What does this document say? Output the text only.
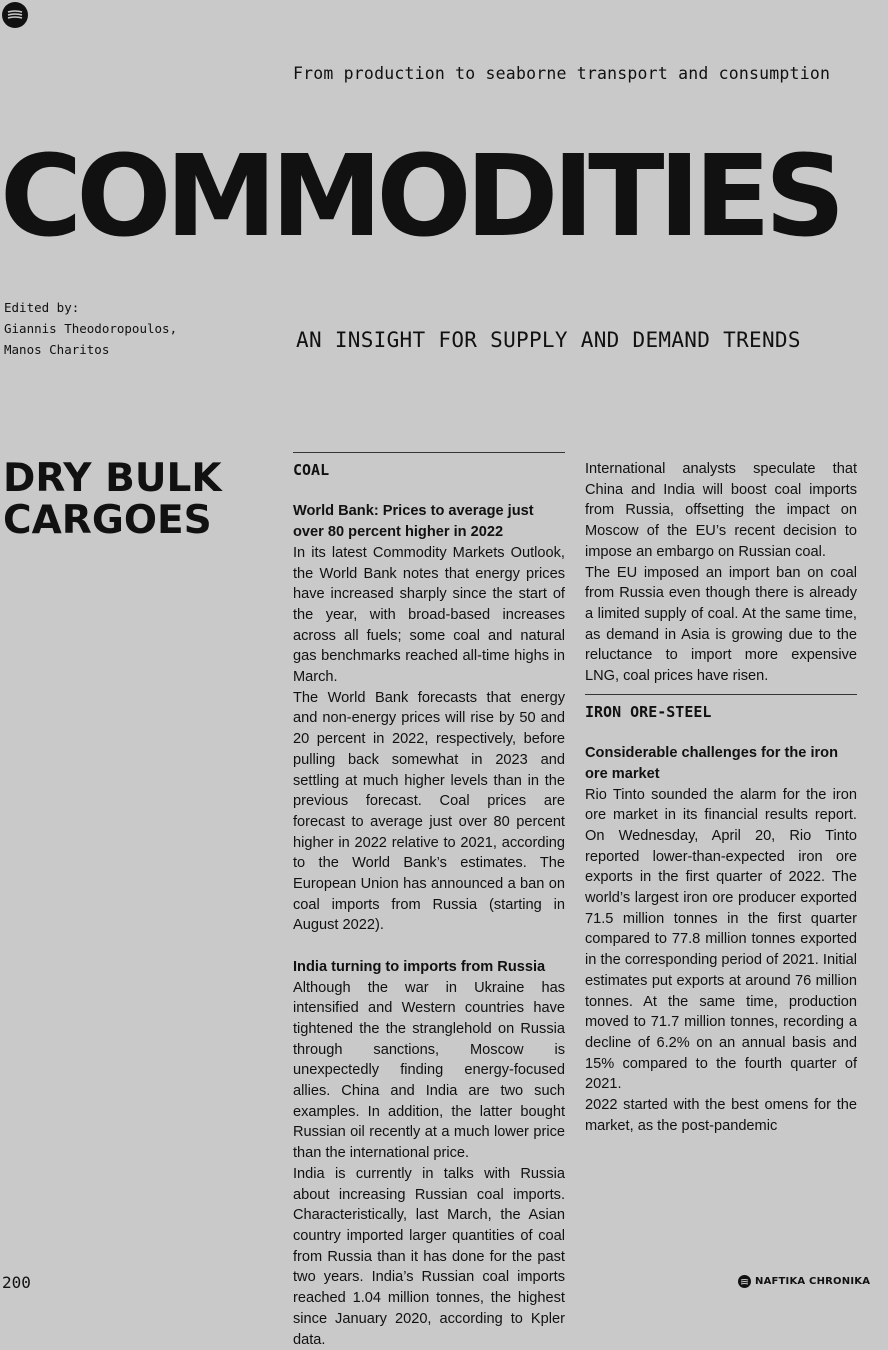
From production to seaborne transport and consumption
COMMODITIES
Edited by:
Giannis Theodoropoulos,
Manos Charitos	AN INSIGHT FOR SUPPLY AND DEMAND TRENDS
DRY BULK
CARGOES
COAL
World Bank: Prices to average just over 80 percent higher in 2022
In its latest Commodity Markets Outlook, the World Bank notes that energy prices have increased sharply since the start of the year, with broad-based increases across all fuels; some coal and natural gas benchmarks reached all-time highs in March.
The World Bank forecasts that energy and non-energy prices will rise by 50 and 20 percent in 2022, respectively, before pulling back somewhat in 2023 and settling at much higher levels than in the previous forecast. Coal prices are forecast to average just over 80 percent higher in 2022 relative to 2021, according to the World Bank’s estimates. The European Union has announced a ban on coal imports from Russia (starting in August 2022).
India turning to imports from Russia
Although the war in Ukraine has intensified and Western countries have tightened the the stranglehold on Russia through sanctions, Moscow is unexpectedly finding energy-focused allies. China and India are two such examples. In addition, the latter bought Russian oil recently at a much lower price than the international price.
India is currently in talks with Russia about increasing Russian coal imports. Characteristically, last March, the Asian country imported larger quantities of coal from Russia than it has done for the past two years. India’s Russian coal imports reached 1.04 million tonnes, the highest since January 2020, according to Kpler data.
International analysts speculate that China and India will boost coal imports from Russia, offsetting the impact on Moscow of the EU’s recent decision to impose an embargo on Russian coal.
The EU imposed an import ban on coal from Russia even though there is already a limited supply of coal. At the same time, as demand in Asia is growing due to the reluctance to import more expensive LNG, coal prices have risen.
IRON ORE-STEEL
Considerable challenges for the iron ore market
Rio Tinto sounded the alarm for the iron ore market in its financial results report. On Wednesday, April 20, Rio Tinto reported lower-than-expected iron ore exports in the first quarter of 2022. The world’s largest iron ore producer exported 71.5 million tonnes in the first quarter compared to 77.8 million tonnes exported in the corresponding period of 2021. Initial estimates put exports at around 76 million tonnes. At the same time, production moved to 71.7 million tonnes, recording a decline of 6.2% on an annual basis and 15% compared to the fourth quarter of 2021.
2022 started with the best omens for the market, as the post-pandemic
200	NAFTIKA CHRONIKA
